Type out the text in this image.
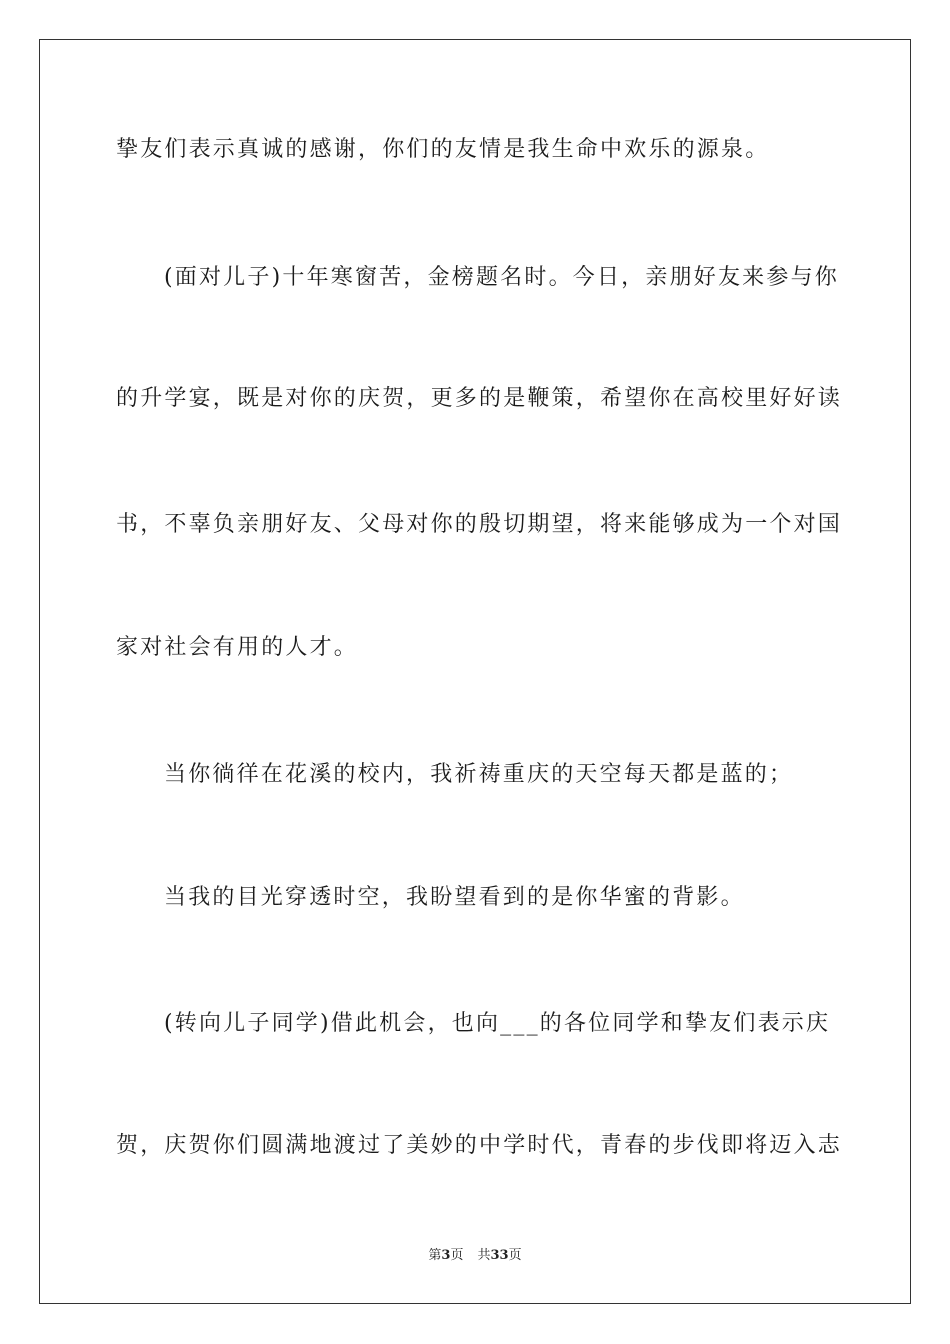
挚友们表示真诚的感谢，你们的友情是我生命中欢乐的源泉。
(面对儿子)十年寒窗苦，金榜题名时。今日，亲朋好友来参与你
的升学宴，既是对你的庆贺，更多的是鞭策，希望你在高校里好好读
书，不辜负亲朋好友、父母对你的殷切期望，将来能够成为一个对国
家对社会有用的人才。
当你徜徉在花溪的校内，我祈祷重庆的天空每天都是蓝的；
当我的目光穿透时空，我盼望看到的是你华蜜的背影。
(转向儿子同学)借此机会，也向___的各位同学和挚友们表示庆
贺，庆贺你们圆满地渡过了美妙的中学时代，青春的步伐即将迈入志
第3页 共33页
